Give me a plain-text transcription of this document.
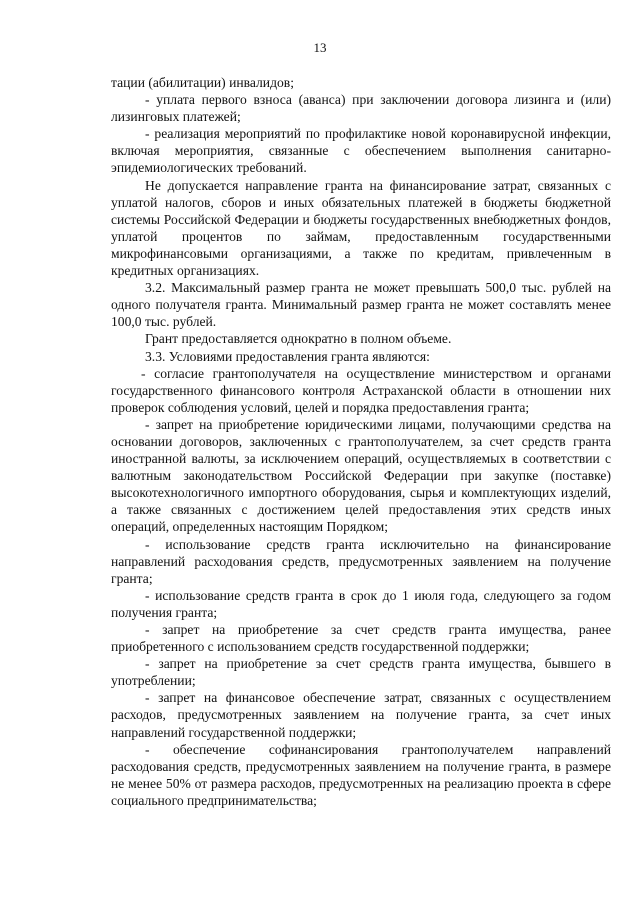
13

тации (абилитации) инвалидов;

- уплата первого взноса (аванса) при заключении договора лизинга и (или) лизинговых платежей;

- реализация мероприятий по профилактике новой коронавирусной инфекции, включая мероприятия, связанные с обеспечением выполнения санитарно-эпидемиологических требований.

Не допускается направление гранта на финансирование затрат, связанных с уплатой налогов, сборов и иных обязательных платежей в бюджеты бюджетной системы Российской Федерации и бюджеты государственных внебюджетных фондов, уплатой процентов по займам, предоставленным государственными микрофинансовыми организациями, а также по кредитам, привлеченным в кредитных организациях.

3.2. Максимальный размер гранта не может превышать 500,0 тыс. рублей на одного получателя гранта. Минимальный размер гранта не может составлять менее 100,0 тыс. рублей.

Грант предоставляется однократно в полном объеме.

3.3. Условиями предоставления гранта являются:

- согласие грантополучателя на осуществление министерством и органами государственного финансового контроля Астраханской области в отношении них проверок соблюдения условий, целей и порядка предоставления гранта;

- запрет на приобретение юридическими лицами, получающими средства на основании договоров, заключенных с грантополучателем, за счет средств гранта иностранной валюты, за исключением операций, осуществляемых в соответствии с валютным законодательством Российской Федерации при закупке (поставке) высокотехнологичного импортного оборудования, сырья и комплектующих изделий, а также связанных с достижением целей предоставления этих средств иных операций, определенных настоящим Порядком;

- использование средств гранта исключительно на финансирование направлений расходования средств, предусмотренных заявлением на получение гранта;

- использование средств гранта в срок до 1 июля года, следующего за годом получения гранта;

- запрет на приобретение за счет средств гранта имущества, ранее приобретенного с использованием средств государственной поддержки;

- запрет на приобретение за счет средств гранта имущества, бывшего в употреблении;

- запрет на финансовое обеспечение затрат, связанных с осуществлением расходов, предусмотренных заявлением на получение гранта, за счет иных направлений государственной поддержки;

- обеспечение софинансирования грантополучателем направлений расходования средств, предусмотренных заявлением на получение гранта, в размере не менее 50% от размера расходов, предусмотренных на реализацию проекта в сфере социального предпринимательства;
